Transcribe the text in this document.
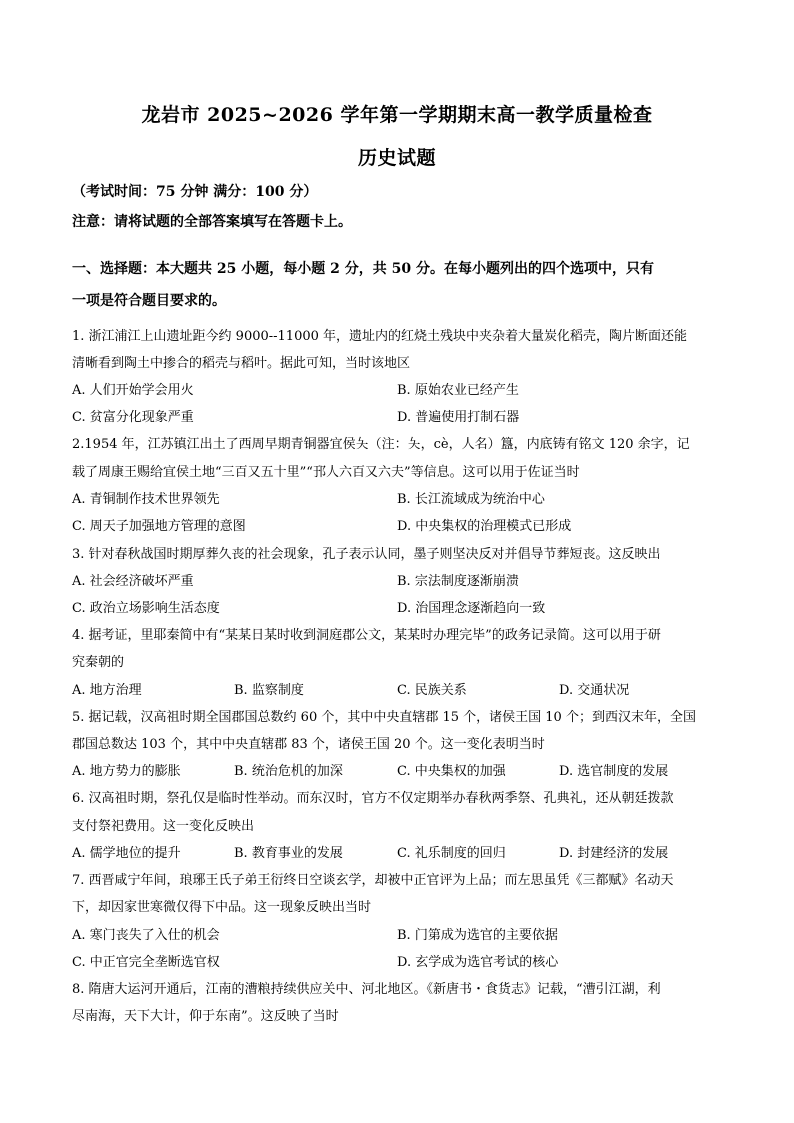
龙岩市 2025~2026 学年第一学期期末高一教学质量检查
历史试题
（考试时间：75 分钟 满分：100 分）
注意：请将试题的全部答案填写在答题卡上。
一、选择题：本大题共 25 小题，每小题 2 分，共 50 分。在每小题列出的四个选项中，只有
一项是符合题目要求的。
1. 浙江浦江上山遗址距今约 9000--11000 年，遗址内的红烧土残块中夹杂着大量炭化稻壳，陶片断面还能
清晰看到陶土中掺合的稻壳与稻叶。据此可知，当时该地区
A. 人们开始学会用火	B. 原始农业已经产生
C. 贫富分化现象严重	D. 普遍使用打制石器
2.1954 年，江苏镇江出土了西周早期青铜器宜侯夨（注：夨，cè，人名）簋，内底铸有铭文 120 余字，记
载了周康王赐给宜侯土地“三百又五十里”“邘人六百又六夫”等信息。这可以用于佐证当时
A. 青铜制作技术世界领先	B. 长江流域成为统治中心
C. 周天子加强地方管理的意图	D. 中央集权的治理模式已形成
3. 针对春秋战国时期厚葬久丧的社会现象，孔子表示认同，墨子则坚决反对并倡导节葬短丧。这反映出
A. 社会经济破坏严重	B. 宗法制度逐渐崩溃
C. 政治立场影响生活态度	D. 治国理念逐渐趋向一致
4. 据考证，里耶秦简中有“某某日某时收到洞庭郡公文，某某时办理完毕”的政务记录简。这可以用于研
究秦朝的
A. 地方治理	B. 监察制度	C. 民族关系	D. 交通状况
5. 据记载，汉高祖时期全国郡国总数约 60 个，其中中央直辖郡 15 个，诸侯王国 10 个；到西汉末年，全国
郡国总数达 103 个，其中中央直辖郡 83 个，诸侯王国 20 个。这一变化表明当时
A. 地方势力的膨胀	B. 统治危机的加深	C. 中央集权的加强	D. 选官制度的发展
6. 汉高祖时期，祭孔仅是临时性举动。而东汉时，官方不仅定期举办春秋两季祭、孔典礼，还从朝廷拨款
支付祭祀费用。这一变化反映出
A. 儒学地位的提升	B. 教育事业的发展	C. 礼乐制度的回归	D. 封建经济的发展
7. 西晋咸宁年间，琅琊王氏子弟王衍终日空谈玄学，却被中正官评为上品；而左思虽凭《三都赋》名动天
下，却因家世寒微仅得下中品。这一现象反映出当时
A. 寒门丧失了入仕的机会	B. 门第成为选官的主要依据
C. 中正官完全垄断选官权	D. 玄学成为选官考试的核心
8. 隋唐大运河开通后，江南的漕粮持续供应关中、河北地区。《新唐书・食货志》记载，“漕引江湖，利
尽南海，天下大计，仰于东南”。这反映了当时
